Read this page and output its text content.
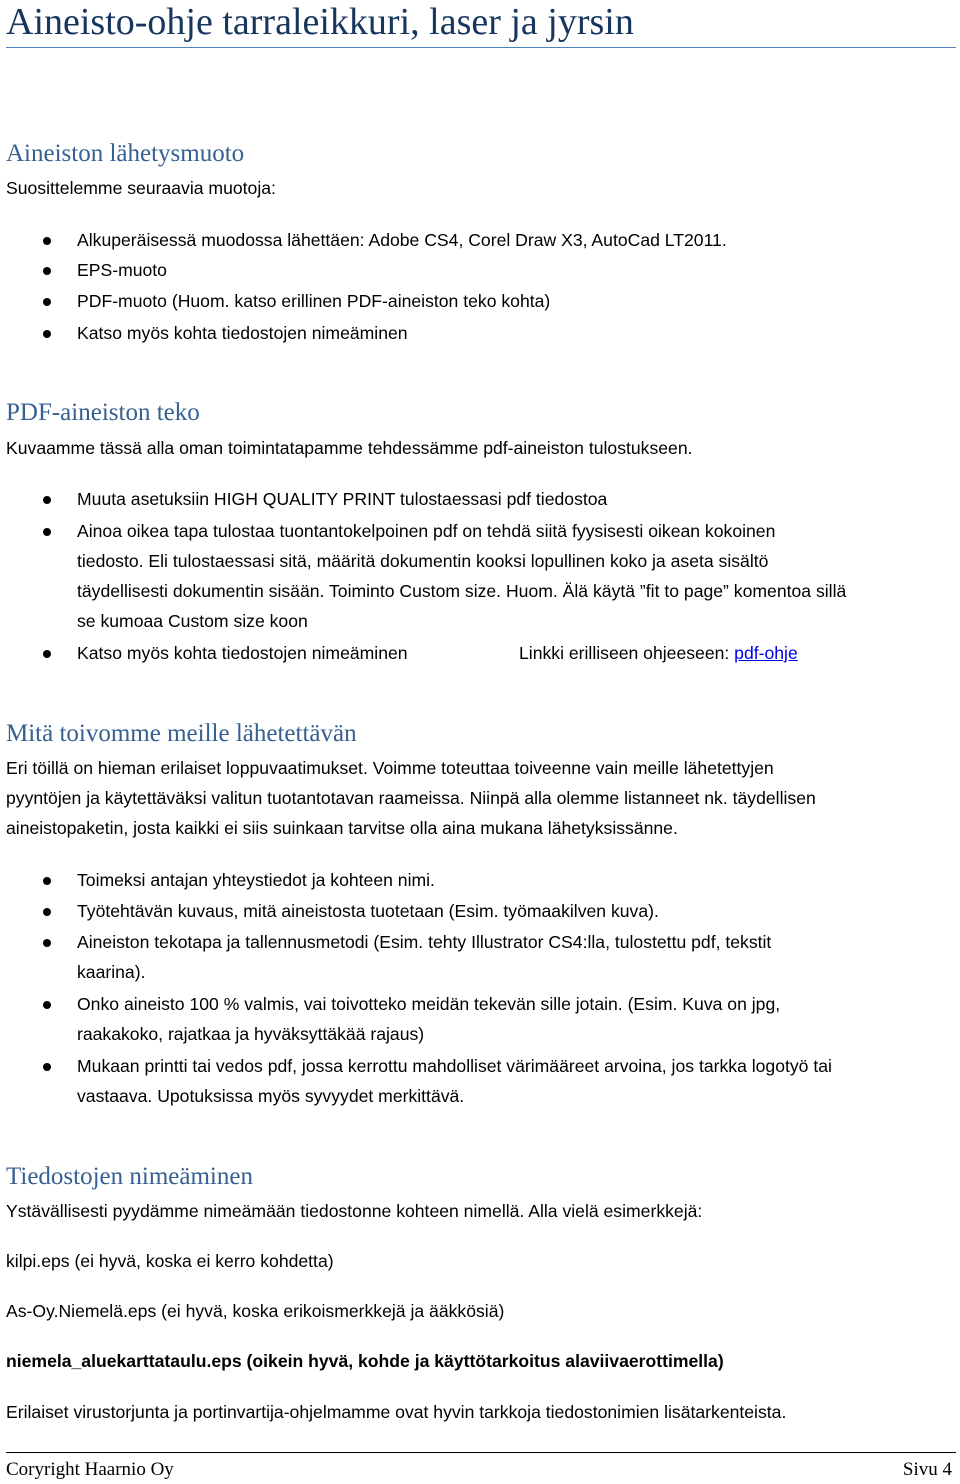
Aineisto-ohje tarraleikkuri, laser ja jyrsin
Aineiston lähetysmuoto
Suosittelemme seuraavia muotoja:
Alkuperäisessä muodossa lähettäen: Adobe CS4, Corel Draw X3, AutoCad LT2011.
EPS-muoto
PDF-muoto (Huom. katso erillinen PDF-aineiston teko kohta)
Katso myös kohta tiedostojen nimeäminen
PDF-aineiston teko
Kuvaamme tässä alla oman toimintatapamme tehdessämme pdf-aineiston tulostukseen.
Muuta asetuksiin HIGH QUALITY PRINT tulostaessasi pdf tiedostoa
Ainoa oikea tapa tulostaa tuontantokelpoinen pdf on tehdä siitä fyysisesti oikean kokoinen
tiedosto. Eli tulostaessasi sitä, määritä dokumentin kooksi lopullinen koko ja aseta sisältö
täydellisesti dokumentin sisään. Toiminto Custom size. Huom. Älä käytä ”fit to page” komentoa sillä
se kumoaa Custom size koon
Katso myös kohta tiedostojen nimeäminen	Linkki erilliseen ohjeeseen: pdf-ohje
Mitä toivomme meille lähetettävän
Eri töillä on hieman erilaiset loppuvaatimukset. Voimme toteuttaa toiveenne vain meille lähetettyjen
pyyntöjen ja käytettäväksi valitun tuotantotavan raameissa. Niinpä alla olemme listanneet nk. täydellisen
aineistopaketin, josta kaikki ei siis suinkaan tarvitse olla aina mukana lähetyksissänne.
Toimeksi antajan yhteystiedot ja kohteen nimi.
Työtehtävän kuvaus, mitä aineistosta tuotetaan (Esim. työmaakilven kuva).
Aineiston tekotapa ja tallennusmetodi (Esim. tehty Illustrator CS4:lla, tulostettu pdf, tekstit
kaarina).
Onko aineisto 100 % valmis, vai toivotteko meidän tekevän sille jotain. (Esim. Kuva on jpg,
raakakoko, rajatkaa ja hyväksyttäkää rajaus)
Mukaan printti tai vedos pdf, jossa kerrottu mahdolliset värimääreet arvoina, jos tarkka logotyö tai
vastaava. Upotuksissa myös syvyydet merkittävä.
Tiedostojen nimeäminen
Ystävällisesti pyydämme nimeämään tiedostonne kohteen nimellä. Alla vielä esimerkkejä:
kilpi.eps (ei hyvä, koska ei kerro kohdetta)
As-Oy.Niemelä.eps (ei hyvä, koska erikoismerkkejä ja ääkkösiä)
niemela_aluekarttataulu.eps (oikein hyvä, kohde ja käyttötarkoitus alaviivaerottimella)
Erilaiset virustorjunta ja portinvartija-ohjelmamme ovat hyvin tarkkoja tiedostonimien lisätarkenteista.
Coryright Haarnio Oy	Sivu 4
